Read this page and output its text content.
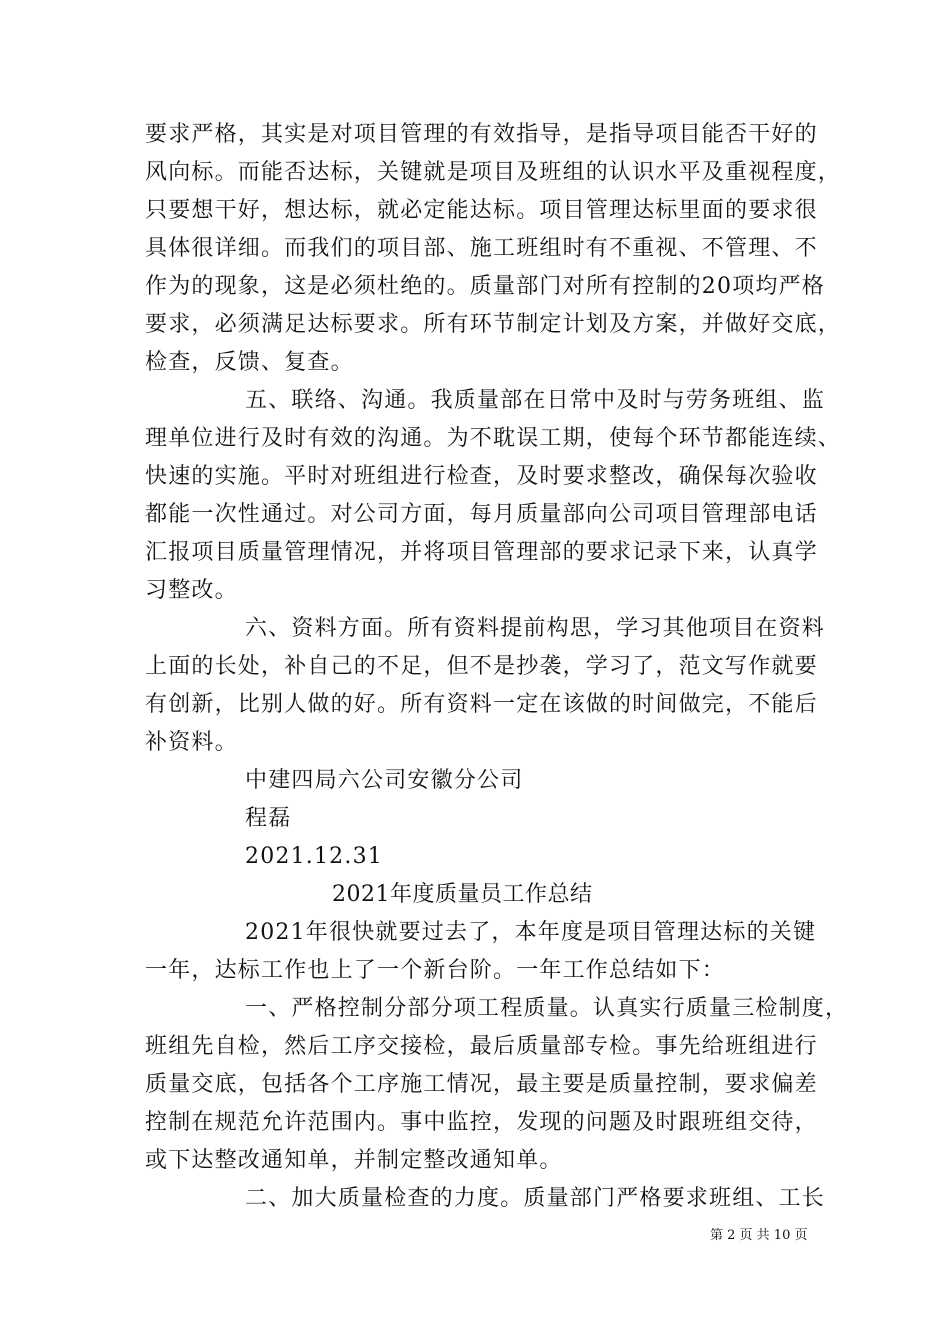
要求严格，其实是对项目管理的有效指导，是指导项目能否干好的
风向标。而能否达标，关键就是项目及班组的认识水平及重视程度，
只要想干好，想达标，就必定能达标。项目管理达标里面的要求很
具体很详细。而我们的项目部、施工班组时有不重视、不管理、不
作为的现象，这是必须杜绝的。质量部门对所有控制的20项均严格
要求，必须满足达标要求。所有环节制定计划及方案，并做好交底，
检查，反馈、复查。
五、联络、沟通。我质量部在日常中及时与劳务班组、监
理单位进行及时有效的沟通。为不耽误工期，使每个环节都能连续、
快速的实施。平时对班组进行检查，及时要求整改，确保每次验收
都能一次性通过。对公司方面，每月质量部向公司项目管理部电话
汇报项目质量管理情况，并将项目管理部的要求记录下来，认真学
习整改。
六、资料方面。所有资料提前构思，学习其他项目在资料
上面的长处，补自己的不足，但不是抄袭，学习了，范文写作就要
有创新，比别人做的好。所有资料一定在该做的时间做完，不能后
补资料。
中建四局六公司安徽分公司
程磊
2021.12.31
2021年度质量员工作总结
2021年很快就要过去了，本年度是项目管理达标的关键
一年，达标工作也上了一个新台阶。一年工作总结如下：
一、严格控制分部分项工程质量。认真实行质量三检制度，
班组先自检，然后工序交接检，最后质量部专检。事先给班组进行
质量交底，包括各个工序施工情况，最主要是质量控制，要求偏差
控制在规范允许范围内。事中监控，发现的问题及时跟班组交待，
或下达整改通知单，并制定整改通知单。
二、加大质量检查的力度。质量部门严格要求班组、工长
第 2 页 共 10 页
